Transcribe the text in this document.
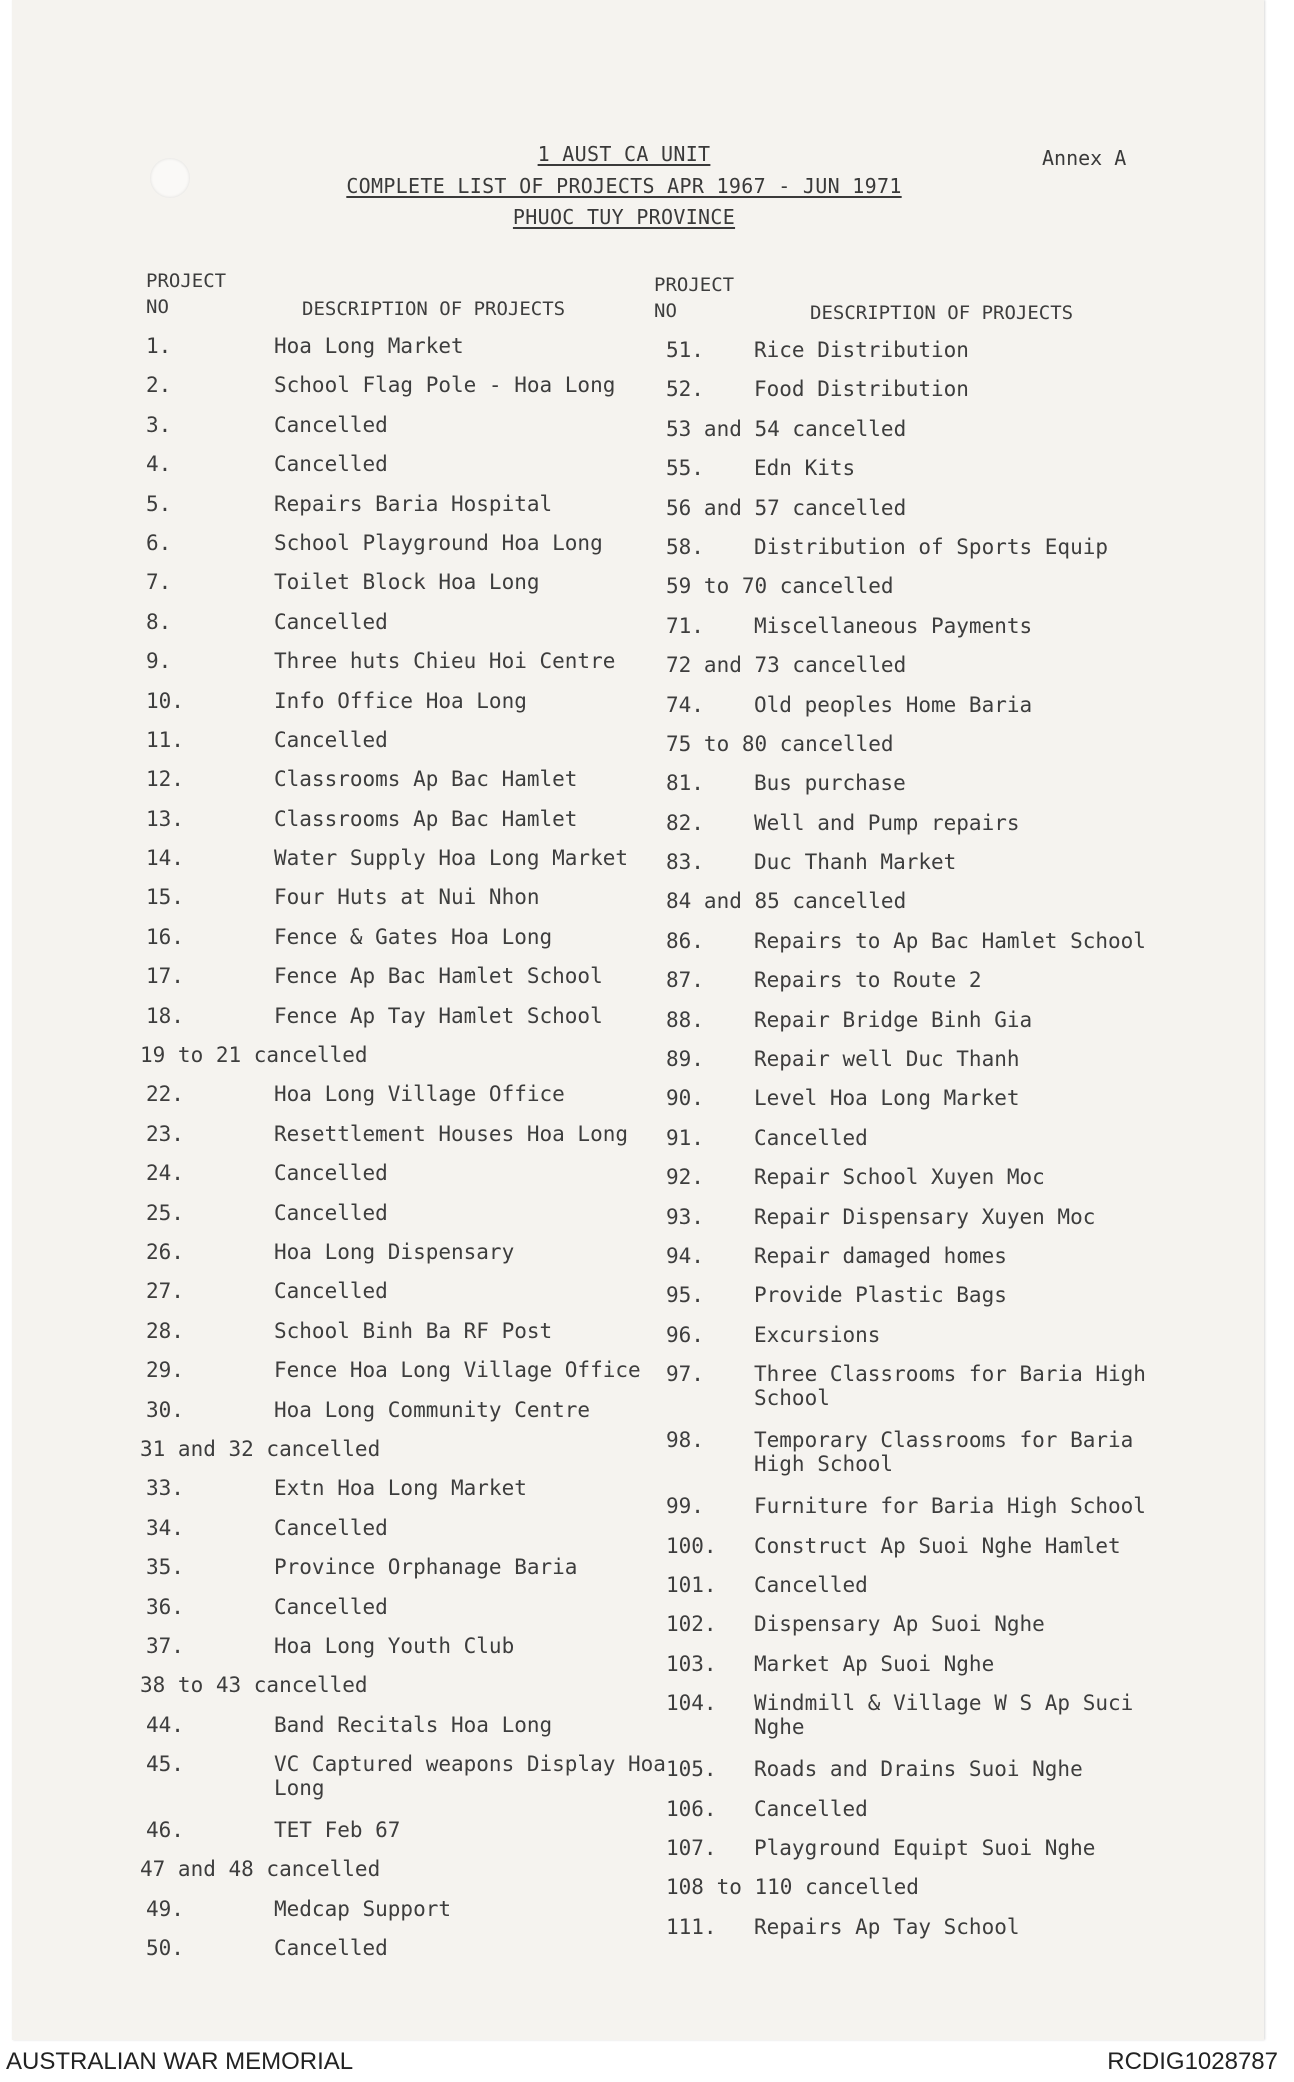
1 AUST CA UNIT
COMPLETE LIST OF PROJECTS APR 1967 - JUN 1971
PHUOC TUY PROVINCE
Annex A
PROJECT
NO	DESCRIPTION OF PROJECTS
1.	Hoa Long Market
2.	School Flag Pole - Hoa Long
3.	Cancelled
4.	Cancelled
5.	Repairs Baria Hospital
6.	School Playground Hoa Long
7.	Toilet Block Hoa Long
8.	Cancelled
9.	Three huts Chieu Hoi Centre
10.	Info Office Hoa Long
11.	Cancelled
12.	Classrooms Ap Bac Hamlet
13.	Classrooms Ap Bac Hamlet
14.	Water Supply Hoa Long Market
15.	Four Huts at Nui Nhon
16.	Fence & Gates Hoa Long
17.	Fence Ap Bac Hamlet School
18.	Fence Ap Tay Hamlet School
19 to 21 cancelled
22.	Hoa Long Village Office
23.	Resettlement Houses Hoa Long
24.	Cancelled
25.	Cancelled
26.	Hoa Long Dispensary
27.	Cancelled
28.	School Binh Ba RF Post
29.	Fence Hoa Long Village Office
30.	Hoa Long Community Centre
31 and 32 cancelled
33.	Extn Hoa Long Market
34.	Cancelled
35.	Province Orphanage Baria
36.	Cancelled
37.	Hoa Long Youth Club
38 to 43 cancelled
44.	Band Recitals Hoa Long
45.	VC Captured weapons Display Hoa Long
46.	TET Feb 67
47 and 48 cancelled
49.	Medcap Support
50.	Cancelled
PROJECT
NO	DESCRIPTION OF PROJECTS
51. Rice Distribution
52. Food Distribution
53 and 54 cancelled
55. Edn Kits
56 and 57 cancelled
58. Distribution of Sports Equip
59 to 70 cancelled
71. Miscellaneous Payments
72 and 73 cancelled
74. Old peoples Home Baria
75 to 80 cancelled
81. Bus purchase
82. Well and Pump repairs
83. Duc Thanh Market
84 and 85 cancelled
86. Repairs to Ap Bac Hamlet School
87. Repairs to Route 2
88. Repair Bridge Binh Gia
89. Repair well Duc Thanh
90. Level Hoa Long Market
91. Cancelled
92. Repair School Xuyen Moc
93. Repair Dispensary Xuyen Moc
94. Repair damaged homes
95. Provide Plastic Bags
96. Excursions
97. Three Classrooms for Baria High School
98. Temporary Classrooms for Baria High School
99. Furniture for Baria High School
100. Construct Ap Suoi Nghe Hamlet
101. Cancelled
102. Dispensary Ap Suoi Nghe
103. Market Ap Suoi Nghe
104. Windmill & Village W S Ap Suci Nghe
105. Roads and Drains Suoi Nghe
106. Cancelled
107. Playground Equipt Suoi Nghe
108 to 110 cancelled
111. Repairs Ap Tay School
AUSTRALIAN WAR MEMORIAL	RCDIG1028787
